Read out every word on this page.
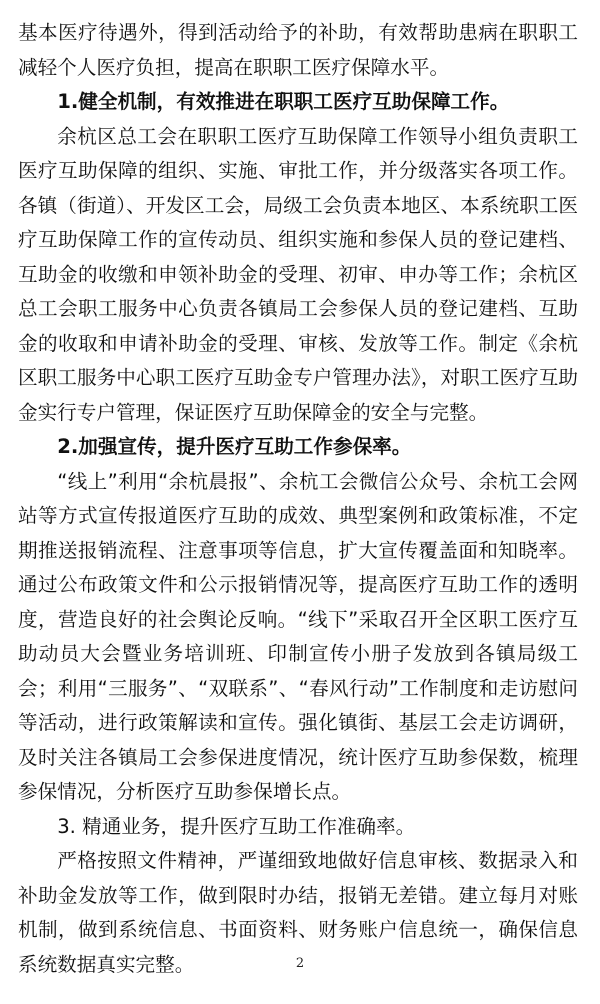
基本医疗待遇外，得到活动给予的补助，有效帮助患病在职职工减轻个人医疗负担，提高在职职工医疗保障水平。

1.健全机制，有效推进在职职工医疗互助保障工作。

余杭区总工会在职职工医疗互助保障工作领导小组负责职工医疗互助保障的组织、实施、审批工作，并分级落实各项工作。各镇（街道）、开发区工会，局级工会负责本地区、本系统职工医疗互助保障工作的宣传动员、组织实施和参保人员的登记建档、互助金的收缴和申领补助金的受理、初审、申办等工作；余杭区总工会职工服务中心负责各镇局工会参保人员的登记建档、互助金的收取和申请补助金的受理、审核、发放等工作。制定《余杭区职工服务中心职工医疗互助金专户管理办法》，对职工医疗互助金实行专户管理，保证医疗互助保障金的安全与完整。

2.加强宣传，提升医疗互助工作参保率。

“线上”利用“余杭晨报”、余杭工会微信公众号、余杭工会网站等方式宣传报道医疗互助的成效、典型案例和政策标准，不定期推送报销流程、注意事项等信息，扩大宣传覆盖面和知晓率。通过公布政策文件和公示报销情况等，提高医疗互助工作的透明度，营造良好的社会舆论反响。“线下”采取召开全区职工医疗互助动员大会暨业务培训班、印制宣传小册子发放到各镇局级工会；利用“三服务”、“双联系”、“春风行动”工作制度和走访慰问等活动，进行政策解读和宣传。强化镇街、基层工会走访调研，及时关注各镇局工会参保进度情况，统计医疗互助参保数，梳理参保情况，分析医疗互助参保增长点。

3. 精通业务，提升医疗互助工作准确率。

严格按照文件精神，严谨细致地做好信息审核、数据录入和补助金发放等工作，做到限时办结，报销无差错。建立每月对账机制，做到系统信息、书面资料、财务账户信息统一，确保信息系统数据真实完整。	2
